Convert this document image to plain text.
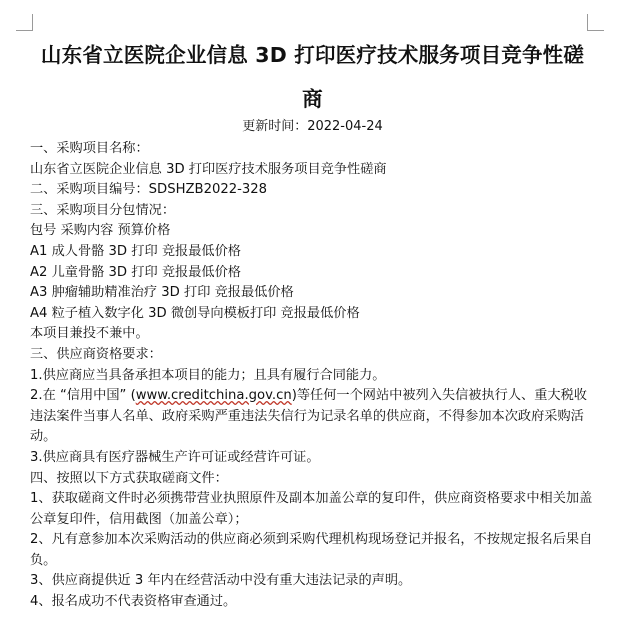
山东省立医院企业信息 3D 打印医疗技术服务项目竞争性磋
商
更新时间：2022-04-24

一、采购项目名称：

山东省立医院企业信息 3D 打印医疗技术服务项目竞争性磋商

二、采购项目编号：SDSHZB2022-328

三、采购项目分包情况：

包号 采购内容 预算价格

A1 成人骨骼 3D 打印 竞报最低价格

A2 儿童骨骼 3D 打印 竞报最低价格

A3 肿瘤辅助精准治疗 3D 打印 竞报最低价格

A4 粒子植入数字化 3D 微创导向模板打印 竞报最低价格

本项目兼投不兼中。

三、供应商资格要求：

1.供应商应当具备承担本项目的能力；且具有履行合同能力。

2.在 “信用中国” (www.creditchina.gov.cn)等任何一个网站中被列入失信被执行人、重大税收违法案件当事人名单、政府采购严重违法失信行为记录名单的供应商，不得参加本次政府采购活动。

3.供应商具有医疗器械生产许可证或经营许可证。

四、按照以下方式获取磋商文件：

1、获取磋商文件时必须携带营业执照原件及副本加盖公章的复印件，供应商资格要求中相关加盖公章复印件，信用截图（加盖公章）；

2、凡有意参加本次采购活动的供应商必须到采购代理机构现场登记并报名，不按规定报名后果自负。

3、供应商提供近 3 年内在经营活动中没有重大违法记录的声明。

4、报名成功不代表资格审查通过。
